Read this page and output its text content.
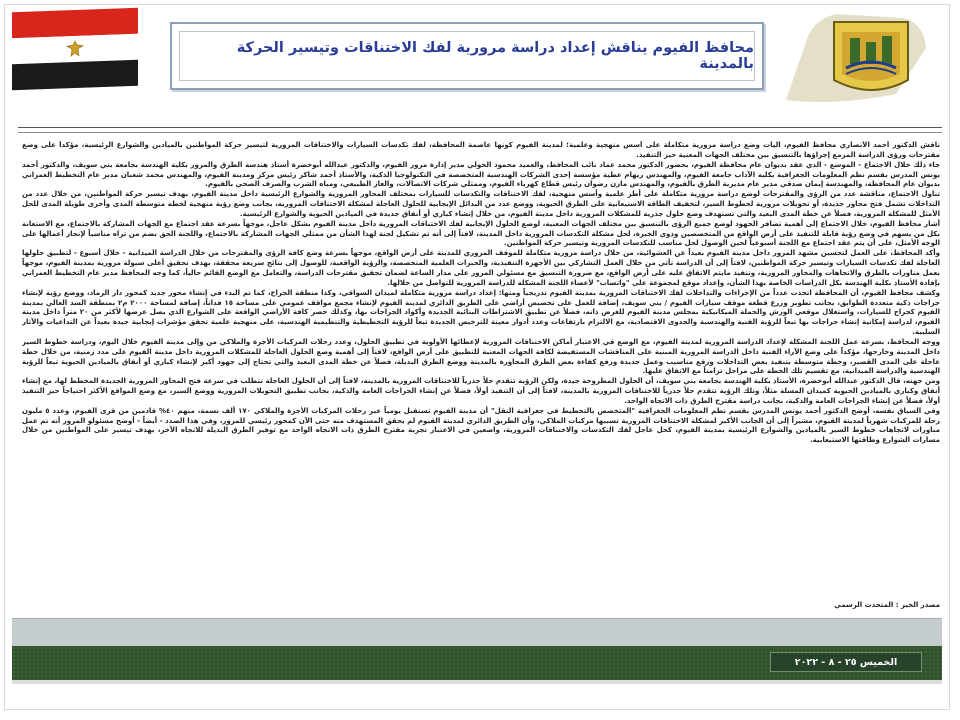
محافظ الفيوم يناقش إعداد دراسة مرورية لفك الاختناقات وتيسير الحركة بالمدينة

ناقش الدكتور أحمد الأنصاري محافظ الفيوم، آليات وضع دراسة مرورية متكاملة على أسس منهجية وعلمية؛ لمدينة الفيوم كونها عاصمة المحافظة، لفك تكدسات السيارات والاختناقات المرورية لتيسير حركة المواطنين بالميادين والشوارع الرئيسية، مؤكداً على وضع مقترحات ورؤى الدراسة المزمع إجراؤها بالتنسيق بين مختلف الجهات المعنية حيز التنفيذ.

جاء ذلك خلال الاجتماع - الموسع - الذي عقد بديوان عام محافظة الفيوم، بحضور الدكتور محمد عماد نائب المحافظ، والعميد محمود الخولي مدير إدارة مرور الفيوم، والدكتور عبدالله أبوخضرة أستاذ هندسة الطرق والمرور بكلية الهندسة بجامعة بني سويف، والدكتور أحمد يونس المدرس بقسم نظم المعلومات الجغرافية بكلية الآداب جامعة الفيوم، والمهندس ريهام عطية مؤسسة إحدى الشركات الهندسية المتخصصة في التكنولوجيا الذكية، والأستاذ أحمد شاكر رئيس مركز ومدينة الفيوم، والمهندس محمد شعبان مدير عام التخطيط العمراني بديوان عام المحافظة، والمهندسة إيمان صدقي مدير عام مديرية الطرق بالفيوم، والمهندس مازن رضوان رئيس قطاع كهرباء الفيوم، وممثلي شركات الاتصالات، والغاز الطبيعي، ومياه الشرب والصرف الصحي بالفيوم.

تناول الاجتماع، مناقشة عدد من الرؤى والمقترحات لوضع دراسة مرورية متكاملة على أطر علمية وأسس منهجية، لفك الاختناقات والتكدسات للسيارات بمختلف المحاور المرورية والشوارع الرئيسية داخل مدينة الفيوم، بهدف تيسير حركة المواطنين، من خلال عدد من التداخلات تشمل فتح محاور جديدة، أو تحويلات مرورية لخطوط السير، لتخفيف الطاقة الاستيعابية على الطرق الحيوية، ووضع عدد من البدائل الإيجابية للحلول العاجلة لمشكلة الاختناقات المرورية، بجانب وضع رؤية منهجية لخطة متوسطة المدى وأخرى طويلة المدى للحل الأمثل للمشكلة المرورية، فضلاً عن خطة المدى البعيد والتي تستهدف وضع حلول جذرية للمشكلات المرورية داخل مدينة الفيوم، من خلال إنشاء كباري أو أنفاق جديدة في الميادين الحيوية والشوارع الرئيسية.

أشار محافظ الفيوم، خلال الاجتماع إلى أهمية تضافر الجهود لوضع جميع الرؤى بالتنسيق بين مختلف الجهات المعنية، لوضع الحلول الإيجابية لفك الاختناقات المرورية داخل مدينة الفيوم بشكل عاجل، موجهاً بسرعة عقد اجتماع مع الجهات المشاركة بالاجتماع، مع الاستعانة بكل من يسهم في وضع رؤية قابلة للتنفيذ على أرض الواقع من المتخصصين وذوي الخبرة، لحل مشكلة التكدسات المرورية داخل المدينة، لافتاً إلى أنه تم تشكيل لجنة لهذا الشأن من ممثلي الجهات المشاركة بالاجتماع، واللجنة الحق بضم من تراه مناسباً لإنجاز أعمالها على الوجه الأمثل، على أن يتم عقد اجتماع مع اللجنة أسبوعياً لحين الوصول لحل مناسب للتكدسات المرورية وتيسير حركة المواطنين.

وأكد المحافظ، على العمل لتحسين مشهد المرور داخل مدينة الفيوم بعيداً عن العشوائية، من خلال دراسة مرورية متكاملة للموقف المروري للمدينة على أرض الواقع، موجهاً بسرعة وضع كافة الرؤى والمقترحات من خلال الدراسة الميدانية - خلال أسبوع - لتطبيق حلولها العاجلة لفك تكدسات السيارات وتيسير حركة المواطنين، لافتاً إلى أن الدراسة تأتي من خلال العمل التشاركي بين الأجهزة التنفيذية، والخبرات العلمية المتخصصة، والرؤية الواقعية، للوصول إلى نتائج سريعة محققة، بهدف تحقيق أعلى سيولة مرورية بمدينة الفيوم، موجهاً بعمل مناورات بالطرق والاتجاهات والمحاور المرورية، وتنفيذ مايتم الاتفاق عليه على أرض الواقع، مع ضرورة التنسيق مع مسئولي المرور على مدار الساعة لضمان تحقيق مقترحات الدراسة، والتعامل مع الوضع القائم حالياً، كما وجه المحافظ مدير عام التخطيط العمراني بإفادة الأستاذ بكلية الهندسة بكل الدراسات الخاصة بهذا الشأن، وإعداد موقع لمجموعة على "واتساب" لأعضاء اللجنة المشكلة للدراسة المرورية للتواصل من خلالها.

وكشف محافظ الفيوم، أن المحافظة اتخذت عدداً من الإجراءات والتداخلات لفك الاختناقات المرورية بمدينة الفيوم تدريجياً ومنها: إعداد دراسة مرورية متكاملة لميدان السواقي، وكذا منطقة الجراح، كما تم البدء في إنشاء محور جديد كمحور دار الرماد، ووضع رؤية لإنشاء جراجات ذكية متعددة الطوابق، بجانب تطوير وزرع قطعة موقف سيارات الفيوم / بني سويف، إضافة للعمل على تخصيص أراضي على الطريق الدائري لمدينة الفيوم لإنشاء مجمع مواقف عمومي على مساحة ١٥ فداناً، إضافة لمساحة ٢٠٠٠ م٢ بمنطقة السد العالي بمدينة الفيوم كجراج للسيارات، واستغلال موقعي الورش والحملة الميكانيكية بمجلس مدينة الفيوم للغرض ذاته، فضلاً عن تطبيق الاشتراطات البنائية الجديدة وأكواد الجراجات بها، وكذلك حصر كافة الأراضي الواقعة على الشوارع الذي يصل عرضها لأكثر من ٢٠ متراً داخل مدينة الفيوم، لدراسة إمكانية إنشاء جراجات بها تبعاً للرؤية الفنية والهندسية والجدوى الاقتصادية، مع الالتزام بارتفاعات وعدد أدوار معينة للترخيص الجديدة تبعاً للرؤية التخطيطية والتنظيمية الهندسية، على منهجية علمية تحقق مؤشرات إيجابية جيدة بعيداً عن التداعيات والآثار السلبية.

ووجه المحافظ، بسرعة عمل اللجنة المشكلة لإعداد الدراسة المرورية لمدينة الفيوم، مع الوضع في الاعتبار أماكن الاختناقات المرورية لإعطائها الأولوية في تطبيق الحلول، وعدد رحلات المركبات الأجرة والملاكي من وإلى مدينة الفيوم خلال اليوم، ودراسة خطوط السير داخل المدينة وخارجها، مؤكداً على وضع الآراء الفنية داخل الدراسة المرورية المبنية على المناقشات المستفيضة لكافة الجهات المعنية للتطبيق على أرض الواقع، لافتاً إلى أهمية وضع الحلول العاجلة للمشكلات المرورية داخل مدينة الفيوم على مدد زمنية، من خلال خطة عاجلة على المدى القصير، وخطة متوسطة بتنفيذ بعض التداخلات ورفع مناسيب وعمل جديدة ورفع كفاءة بعض الطرق المجاورة بالمدينة ووضع الطرق البديلة، فضلاً عن خطة المدى البعيد والتي تحتاج إلى جهود أكبر لإنشاء كباري أو أنفاق بالميادين الحيوية تبعاً للرؤية الهندسية والدراسة الميدانية، مع تقسيم تلك الخطة على مراحل تزامناً مع الاتفاق عليها.

ومن جهته، قال الدكتور عبدالله أبوخضرة، الأستاذ بكلية الهندسة بجامعة بني سويف، أن الحلول المطروحة جيدة، ولكن الرؤية تتقدم حلاً جذرياً للاختناقات المرورية بالمدينة، لافتاً إلى أن الحلول العاجلة تتطلب في سرعة فتح المحاور المرورية الجديدة المخطط لها، مع إنشاء أنفاق وكباري بالميادين الحيوية كميدان المسلة مثلاً، وتلك الرؤية تتقدم حلاً جذرياً للاختناقات المرورية بالمدينة، لافتاً إلى أن التنفيذ أولاً، فضلاً عن إنشاء الجراجات العامة والذكية، بجانب تطبيق التحويلات المرورية ووضع السير، مع وضع المواقع الأكثر احتياجاً حيز التنفيذ أولاً، فضلاً عن إنشاء الجراجات العامة والذكية، بجانب دراسة مقترح الطرق ذات الاتجاه الواحد.

وفي السياق نفسه، أوضح الدكتور أحمد يونس المدرس بقسم نظم المعلومات الجغرافية "المتخصص بالتخطيط في جغرافية النقل" أن مدينة الفيوم تستقبل يومياً عبر رحلات المركبات الأجرة والملاكي ١٧٠ ألف نسمة، منهم ٤٠% قادمين من قرى الفيوم، وعدد ٥ مليون رحلة للمركبات شهرياً لمدينة الفيوم، مشيراً إلى أن الجانب الأكبر لمشكلة الاختناقات المرورية تسببها مركبات الملاكي، وأن الطريق الدائري لمدينة الفيوم لم يحقق المستهدف منه حتى الآن كمحور رئيسي للمرور، وفي هذا الصدد - أيضاً - أوضح مسئولو المرور أنه تم عمل مناورات لاتجاهات خطوط السير بالميادين والشوارع الرئيسية بمدينة الفيوم، كحل عاجل لفك التكدسات والاختناقات المرورية، واضعين في الاعتبار تجربة مقترح الطرق ذات الاتجاه الواحد مع توفير الطرق البديلة للاتجاه الآخر، بهدف تيسير على المواطنين من خلال مسارات الشوارع وطاقتها الاستيعابية.

مصدر الخبر : المتحدث الرسمي
الخميس ٢٥ - ٨ - ٢٠٢٢
